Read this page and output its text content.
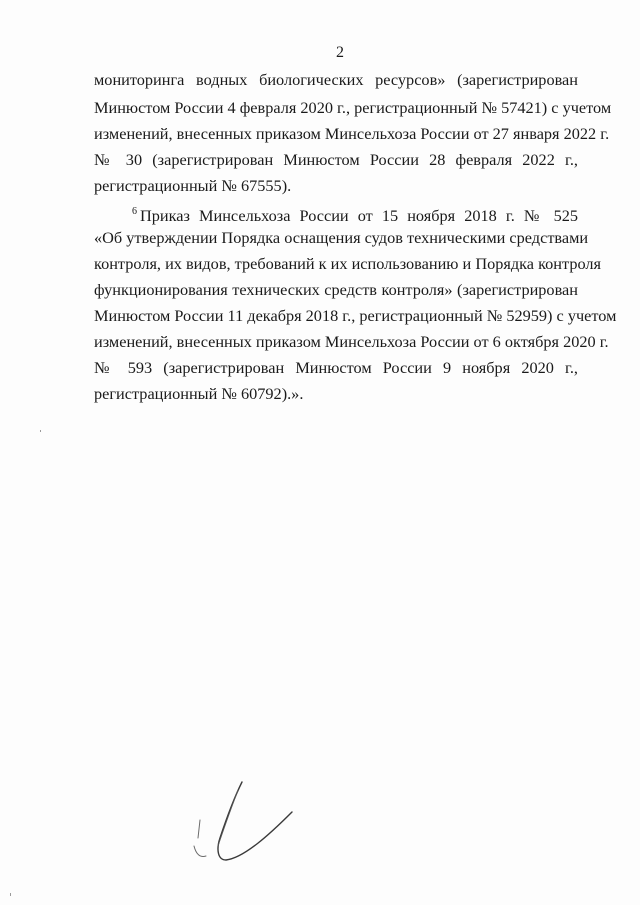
2
мониторинга водных биологических ресурсов» (зарегистрирован
Минюстом России 4 февраля 2020 г., регистрационный № 57421) с учетом
изменений, внесенных приказом Минсельхоза России от 27 января 2022 г.
№ 30 (зарегистрирован Минюстом России 28 февраля 2022 г.,
регистрационный № 67555).
$^6$ Приказ Минсельхоза России от 15 ноября 2018 г. № 525
«Об утверждении Порядка оснащения судов техническими средствами
контроля, их видов, требований к их использованию и Порядка контроля
функционирования технических средств контроля» (зарегистрирован
Минюстом России 11 декабря 2018 г., регистрационный № 52959) с учетом
изменений, внесенных приказом Минсельхоза России от 6 октября 2020 г.
№ 593 (зарегистрирован Минюстом России 9 ноября 2020 г.,
регистрационный № 60792).».
